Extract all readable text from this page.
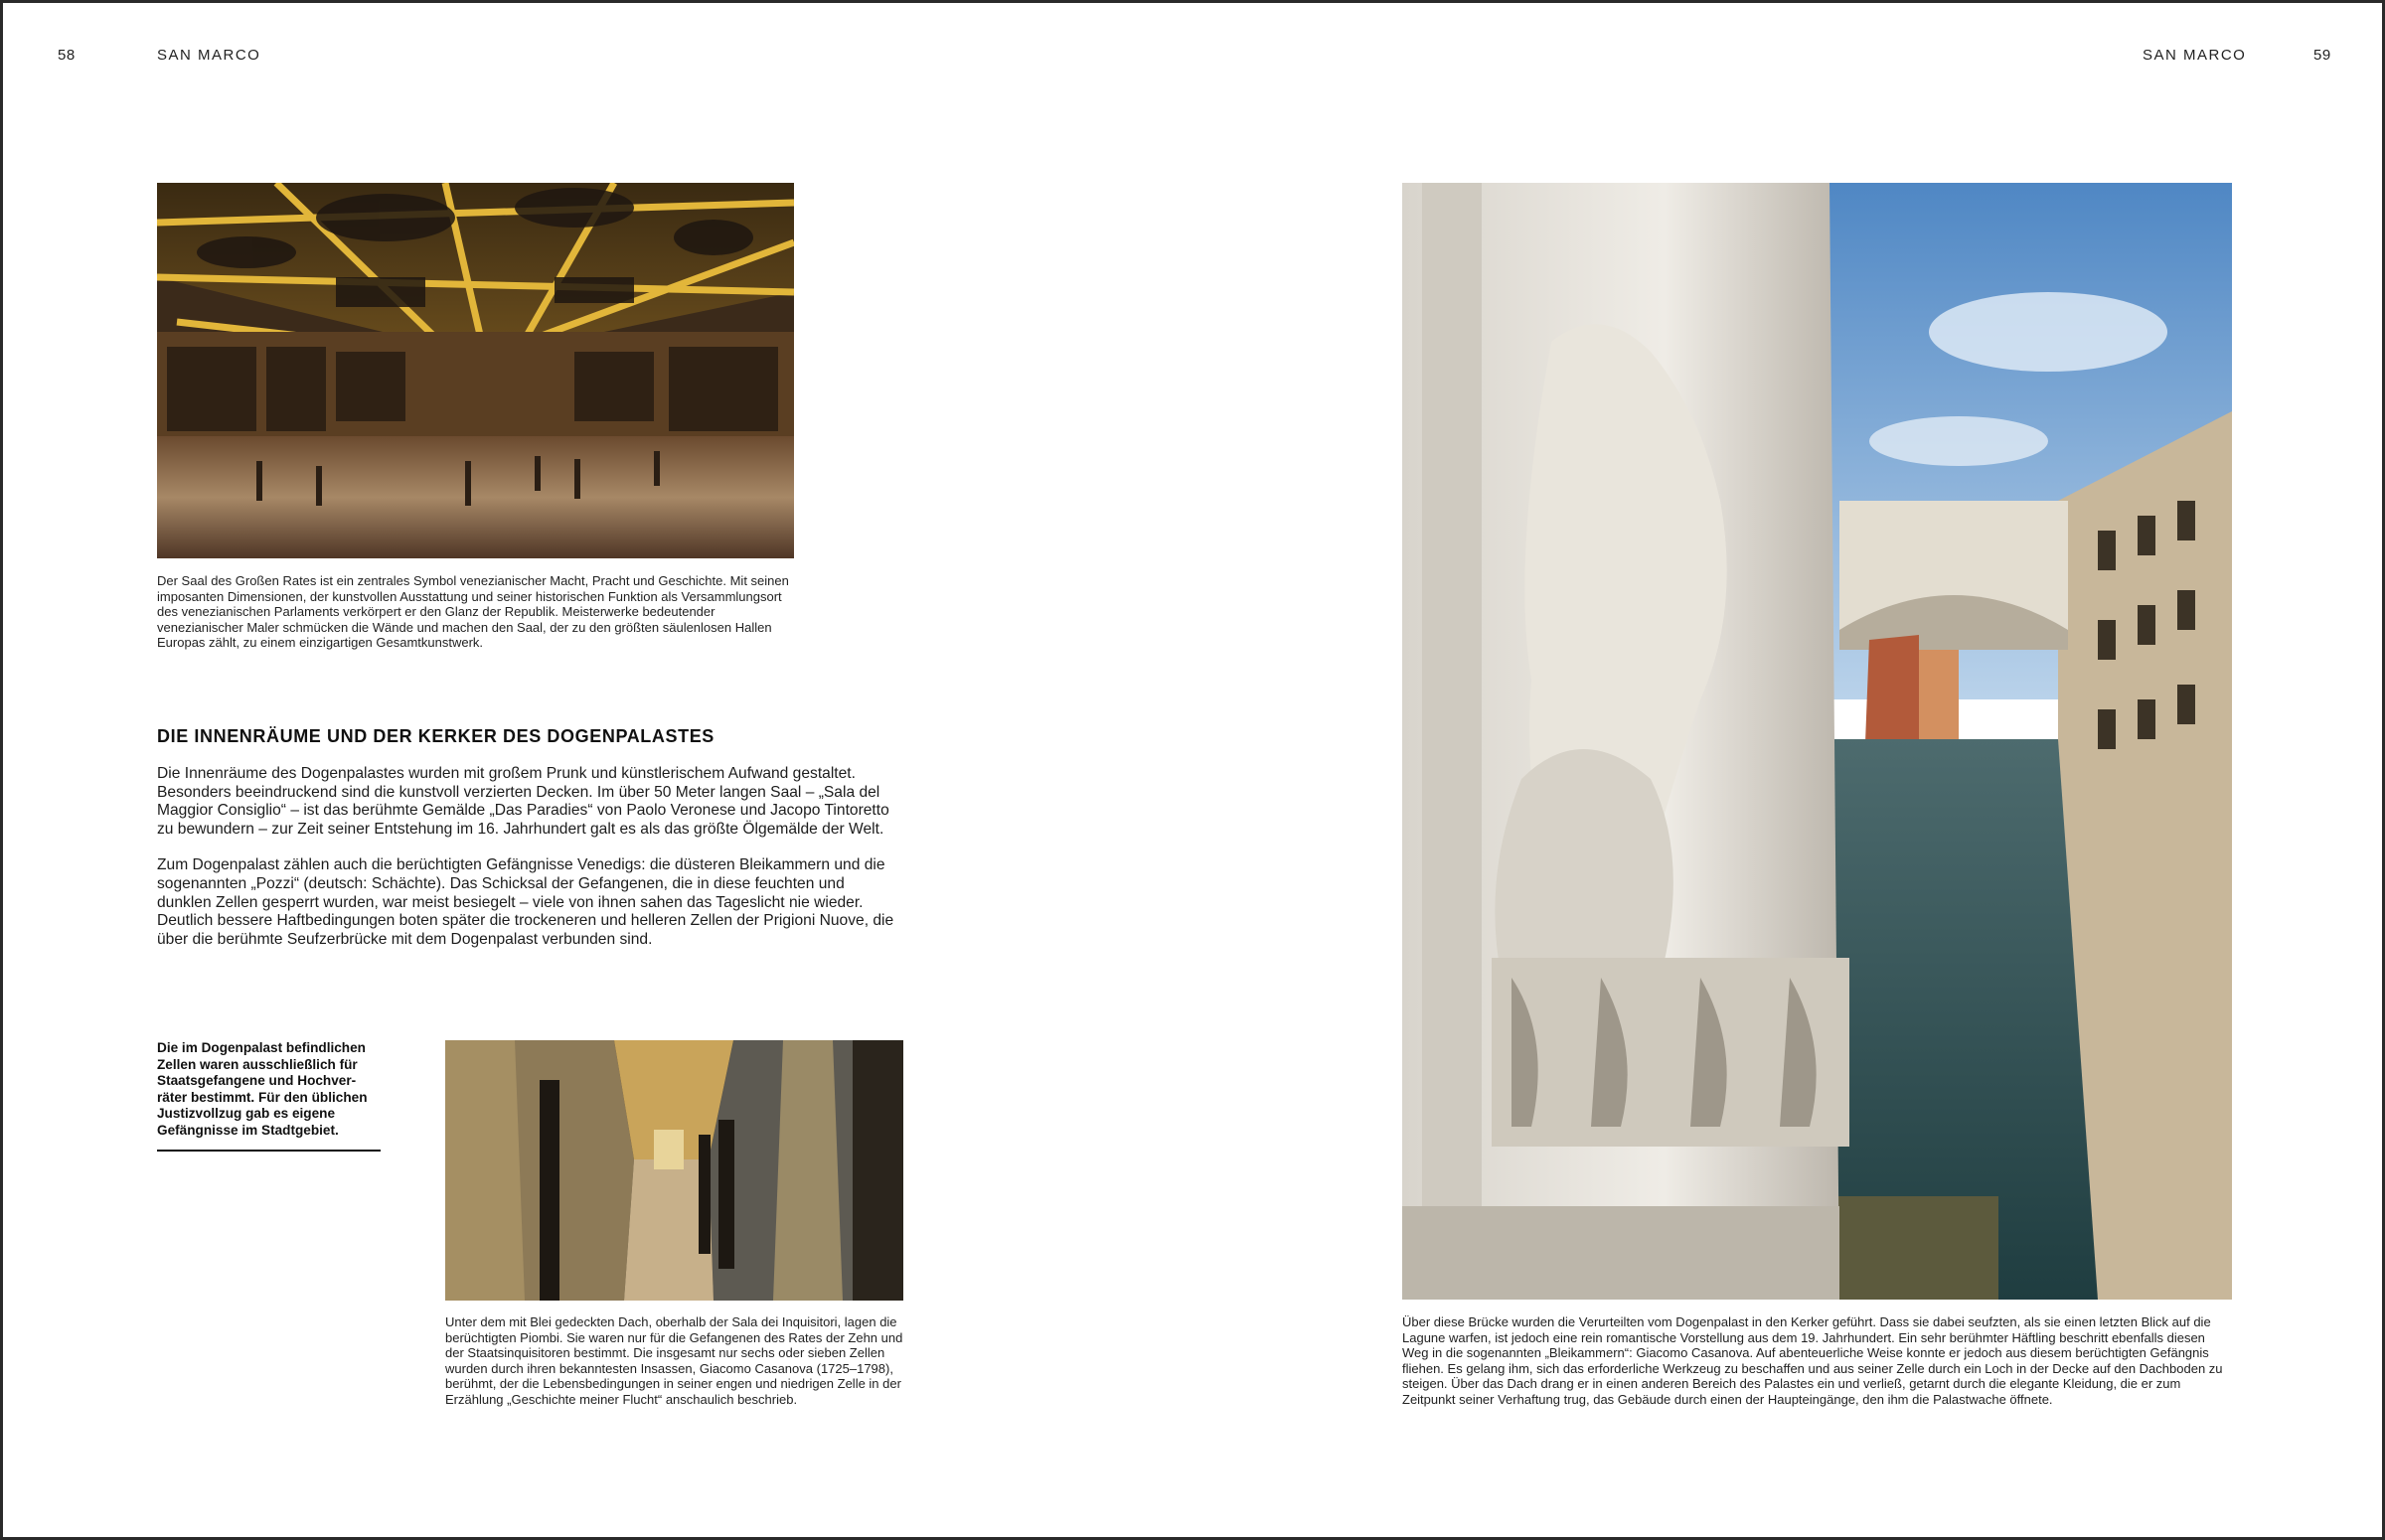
58	SAN MARCO	SAN MARCO	59

Der Saal des Großen Rates ist ein zentrales Symbol venezianischer Macht, Pracht und Geschichte. Mit seinen imposanten Dimensionen, der kunstvollen Ausstattung und seiner historischen Funktion als Versammlungsort des venezianischen Parlaments verkörpert er den Glanz der Republik. Meisterwerke bedeutender venezianischer Maler schmücken die Wände und machen den Saal, der zu den größten säulenlosen Hallen Europas zählt, zu einem einzigartigen Gesamtkunstwerk.

DIE INNENRÄUME UND DER KERKER DES DOGENPALASTES

Die Innenräume des Dogenpalastes wurden mit großem Prunk und künstlerischem Aufwand gestaltet. Besonders beeindruckend sind die kunstvoll verzierten Decken. Im über 50 Meter langen Saal – „Sala del Maggior Consiglio“ – ist das berühmte Gemälde „Das Paradies“ von Paolo Veronese und Jacopo Tintoretto zu bewundern – zur Zeit seiner Entstehung im 16. Jahrhundert galt es als das größte Ölgemälde der Welt.

Zum Dogenpalast zählen auch die berüchtigten Gefängnisse Venedigs: die düsteren Bleikammern und die sogenannten „Pozzi“ (deutsch: Schächte). Das Schicksal der Gefangenen, die in diese feuchten und dunklen Zellen gesperrt wurden, war meist besiegelt – viele von ihnen sahen das Tageslicht nie wieder. Deutlich bessere Haftbedingungen boten später die trockeneren und helleren Zellen der Prigioni Nuove, die über die berühmte Seufzerbrücke mit dem Dogenpalast verbunden sind.

Die im Dogenpalast befindlichen Zellen waren ausschließlich für Staatsgefangene und Hochverräter bestimmt. Für den üblichen Justizvollzug gab es eigene Gefängnisse im Stadtgebiet.

Unter dem mit Blei gedeckten Dach, oberhalb der Sala dei Inquisitori, lagen die berüchtigten Piombi. Sie waren nur für die Gefangenen des Rates der Zehn und der Staatsinquisitoren bestimmt. Die insgesamt nur sechs oder sieben Zellen wurden durch ihren bekanntesten Insassen, Giacomo Casanova (1725–1798), berühmt, der die Lebensbedingungen in seiner engen und niedrigen Zelle in der Erzählung „Geschichte meiner Flucht“ anschaulich beschrieb.

Über diese Brücke wurden die Verurteilten vom Dogenpalast in den Kerker geführt. Dass sie dabei seufzten, als sie einen letzten Blick auf die Lagune warfen, ist jedoch eine rein romantische Vorstellung aus dem 19. Jahrhundert. Ein sehr berühmter Häftling beschritt ebenfalls diesen Weg in die sogenannten „Bleikammern“: Giacomo Casanova. Auf abenteuerliche Weise konnte er jedoch aus diesem berüchtigten Gefängnis fliehen. Es gelang ihm, sich das erforderliche Werkzeug zu beschaffen und aus seiner Zelle durch ein Loch in der Decke auf den Dachboden zu steigen. Über das Dach drang er in einen anderen Bereich des Palastes ein und verließ, getarnt durch die elegante Kleidung, die er zum Zeitpunkt seiner Verhaftung trug, das Gebäude durch einen der Haupteingänge, den ihm die Palastwache öffnete.
